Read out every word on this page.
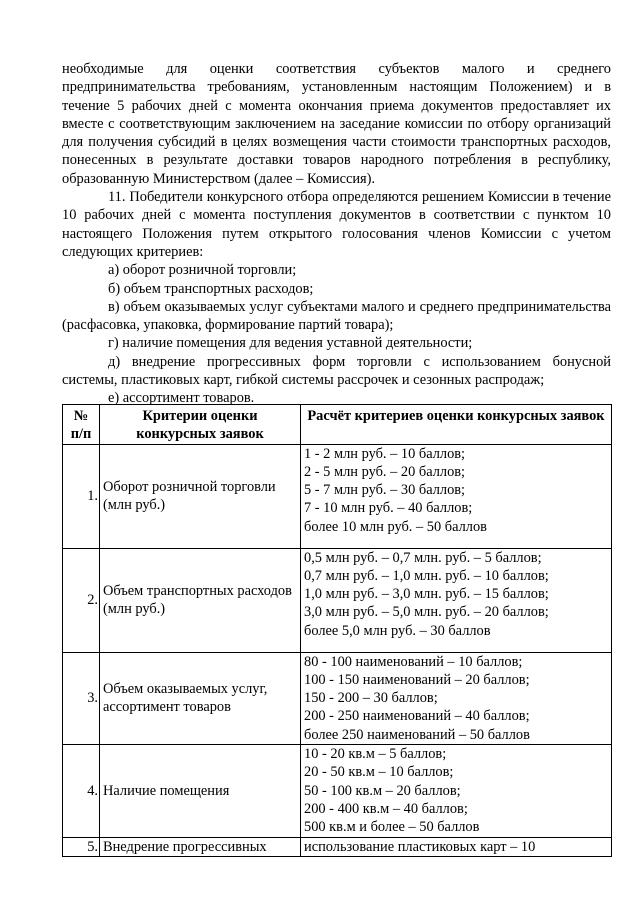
необходимые для оценки соответствия субъектов малого и среднего предпринимательства требованиям, установленным настоящим Положением) и в течение 5 рабочих дней с момента окончания приема документов предоставляет их вместе с соответствующим заключением на заседание комиссии по отбору организаций для получения субсидий в целях возмещения части стоимости транспортных расходов, понесенных в результате доставки товаров народного потребления в республику, образованную Министерством (далее – Комиссия).

11. Победители конкурсного отбора определяются решением Комиссии в течение 10 рабочих дней с момента поступления документов в соответствии с пунктом 10 настоящего Положения путем открытого голосования членов Комиссии с учетом следующих критериев:

а) оборот розничной торговли;

б) объем транспортных расходов;

в) объем оказываемых услуг субъектами малого и среднего предпринимательства (расфасовка, упаковка, формирование партий товара);

г) наличие помещения для ведения уставной деятельности;

д) внедрение прогрессивных форм торговли с использованием бонусной системы, пластиковых карт, гибкой системы рассрочек и сезонных распродаж;

е) ассортимент товаров.

№ п/п	Критерии оценки конкурсных заявок	Расчёт критериев оценки конкурсных заявок
1.	Оборот розничной торговли (млн руб.)	1 - 2 млн руб. – 10 баллов;
2 - 5 млн руб. – 20 баллов;
5 - 7 млн руб. – 30 баллов;
7 - 10 млн руб. – 40 баллов;
более 10 млн руб. – 50 баллов

2.	Объем транспортных расходов (млн руб.)	0,5 млн руб. – 0,7 млн. руб. – 5 баллов;
0,7 млн руб. – 1,0 млн. руб. – 10 баллов;
1,0 млн руб. – 3,0 млн. руб. – 15 баллов;
3,0 млн руб. – 5,0 млн. руб. – 20 баллов;
более 5,0 млн руб. – 30 баллов

3.	Объем оказываемых услуг, ассортимент товаров	80 - 100 наименований – 10 баллов;
100 - 150 наименований – 20 баллов;
150 - 200 – 30 баллов;
200 - 250 наименований – 40 баллов;
более 250 наименований – 50 баллов

4.	Наличие помещения	10 - 20 кв.м – 5 баллов;
20 - 50 кв.м – 10 баллов;
50 - 100 кв.м – 20 баллов;
200 - 400 кв.м – 40 баллов;
500 кв.м и более – 50 баллов

5.	Внедрение прогрессивных	использование пластиковых карт – 10
